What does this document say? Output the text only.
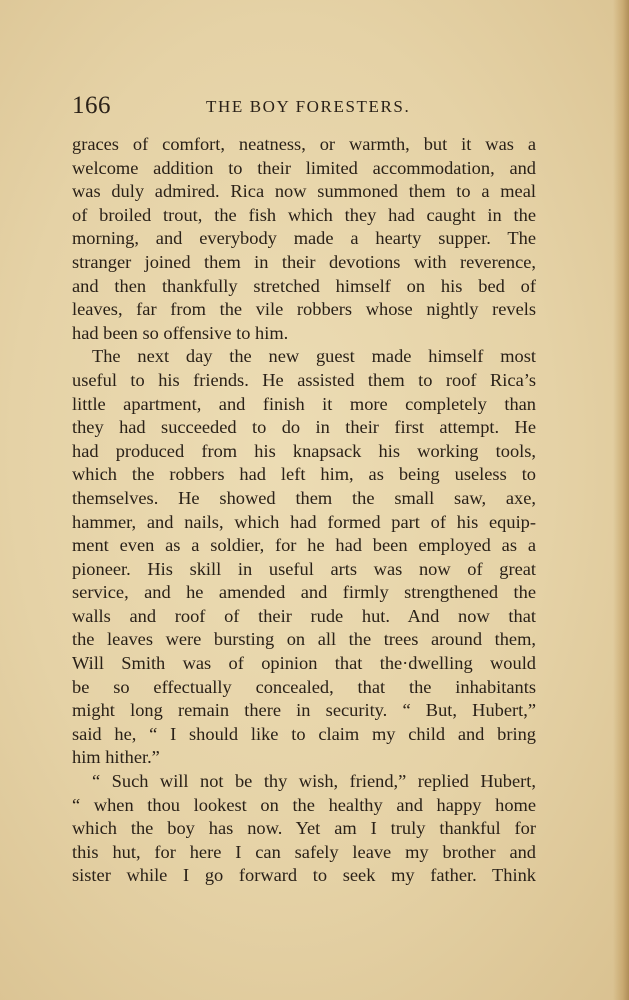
166	THE BOY FORESTERS.
graces of comfort, neatness, or warmth, but it was a
welcome addition to their limited accommodation, and
was duly admired. Rica now summoned them to a meal
of broiled trout, the fish which they had caught in the
morning, and everybody made a hearty supper. The
stranger joined them in their devotions with reverence,
and then thankfully stretched himself on his bed of
leaves, far from the vile robbers whose nightly revels
had been so offensive to him.
The next day the new guest made himself most
useful to his friends. He assisted them to roof Rica’s
little apartment, and finish it more completely than
they had succeeded to do in their first attempt. He
had produced from his knapsack his working tools,
which the robbers had left him, as being useless to
themselves. He showed them the small saw, axe,
hammer, and nails, which had formed part of his equip-
ment even as a soldier, for he had been employed as a
pioneer. His skill in useful arts was now of great
service, and he amended and firmly strengthened the
walls and roof of their rude hut. And now that
the leaves were bursting on all the trees around them,
Will Smith was of opinion that the·dwelling would
be so effectually concealed, that the inhabitants
might long remain there in security. “ But, Hubert,”
said he, “ I should like to claim my child and bring
him hither.”
“ Such will not be thy wish, friend,” replied Hubert,
“ when thou lookest on the healthy and happy home
which the boy has now. Yet am I truly thankful for
this hut, for here I can safely leave my brother and
sister while I go forward to seek my father. Think
